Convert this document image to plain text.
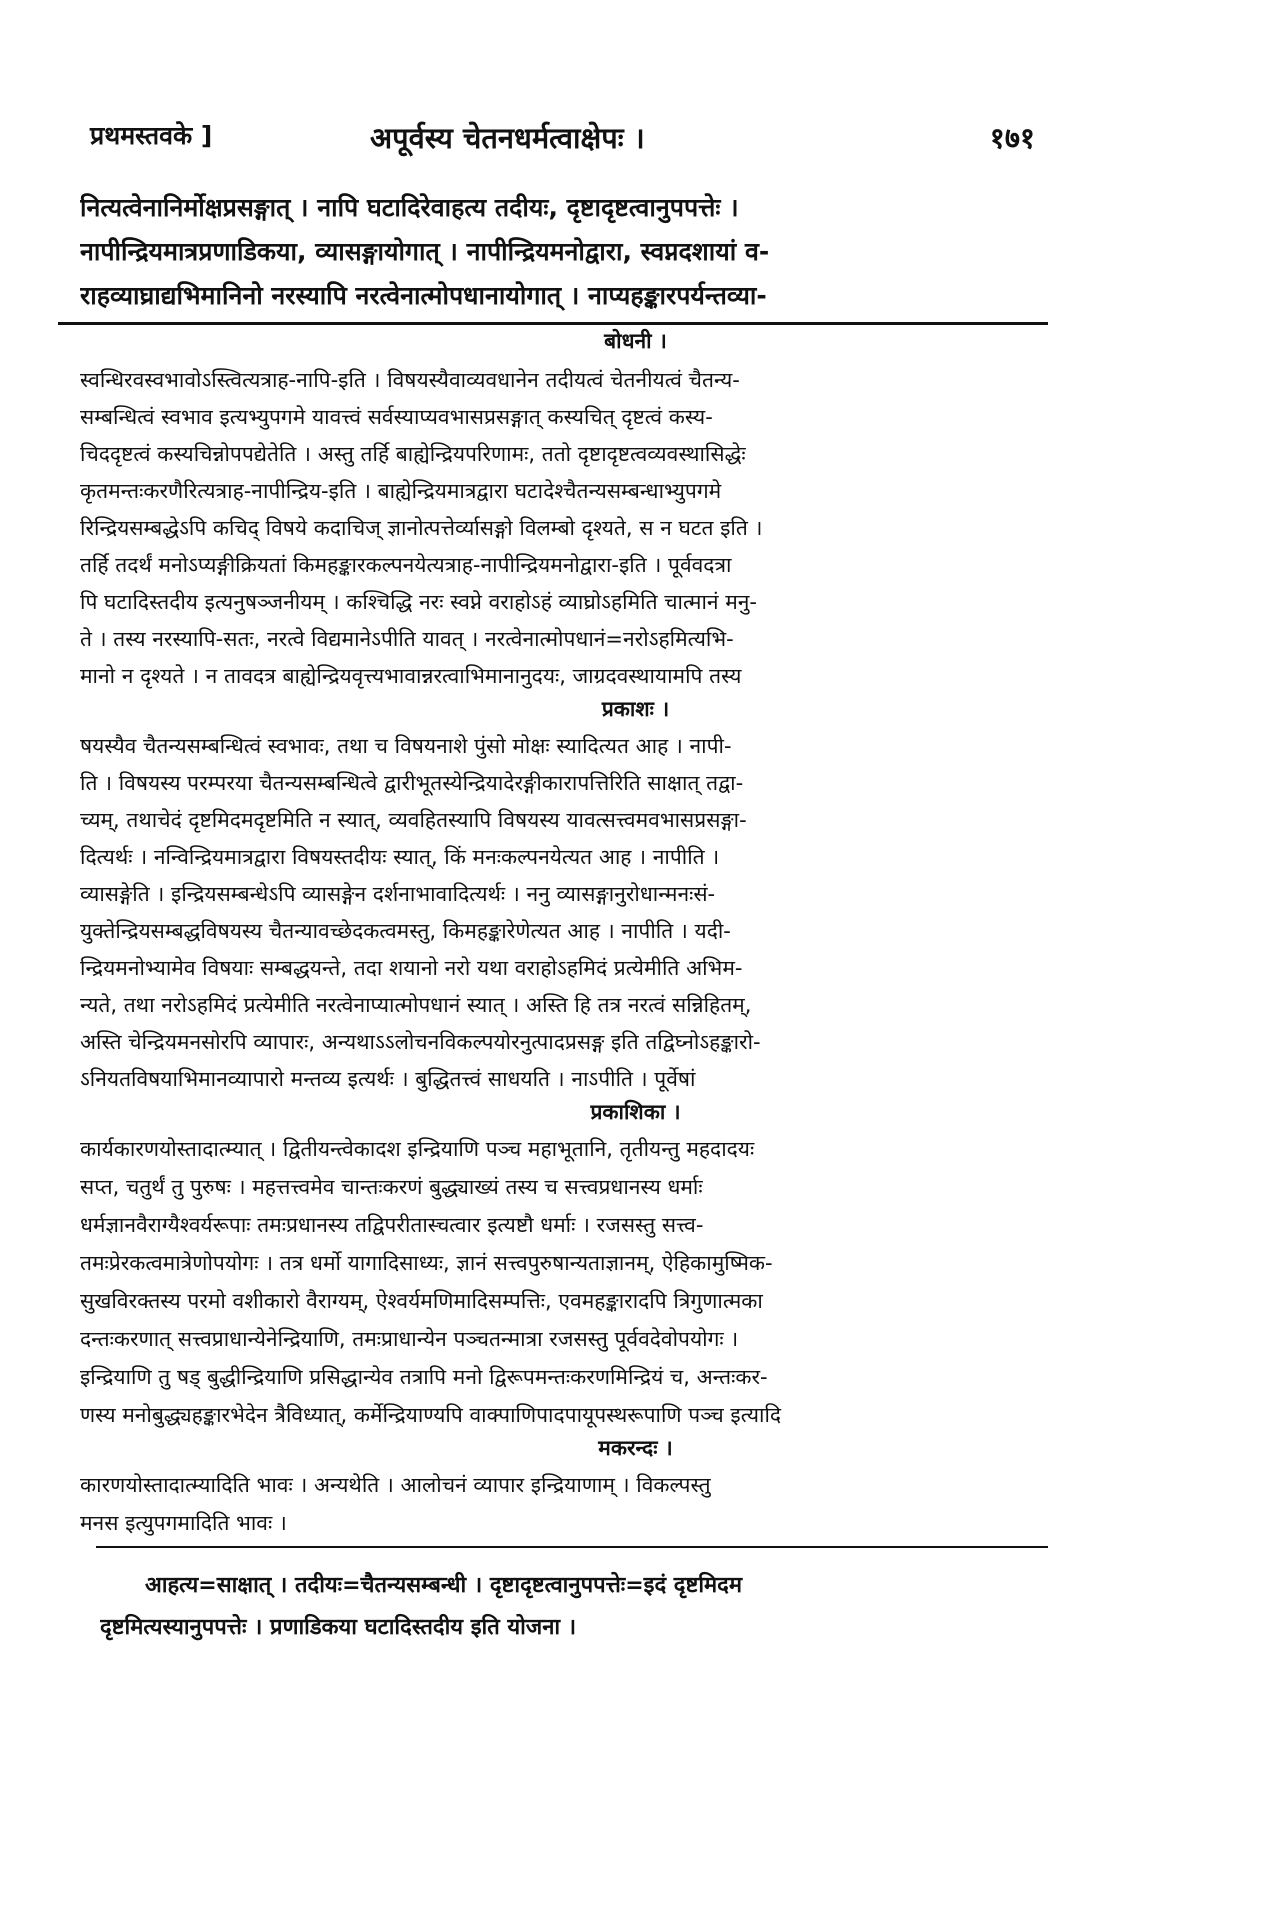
प्रथमस्तवके ]	अपूर्वस्य चेतनधर्मत्वाक्षेपः ।	१७१
नित्यत्वेनानिर्मोक्षप्रसङ्गात् । नापि घटादिरेवाहत्य तदीयः, दृष्टादृष्टत्वानुपपत्तेः ।
नापीन्द्रियमात्रप्रणाडिकया, व्यासङ्गायोगात् । नापीन्द्रियमनोद्वारा, स्वप्नदशायां व-
राहव्याघ्राद्यभिमानिनो नरस्यापि नरत्वेनात्मोपधानायोगात् । नाप्यहङ्कारपर्यन्तव्या-
बोधनी ।
स्वन्धिरवस्वभावोऽस्त्वित्यत्राह-नापि-इति । विषयस्यैवाव्यवधानेन तदीयत्वं चेतनीयत्वं चैतन्य-
सम्बन्धित्वं स्वभाव इत्यभ्युपगमे यावत्त्वं सर्वस्याप्यवभासप्रसङ्गात् कस्यचित् दृष्टत्वं कस्य-
चिददृष्टत्वं कस्यचिन्नोपपद्येतेति । अस्तु तर्हि बाह्येन्द्रियपरिणामः, ततो दृष्टादृष्टत्वव्यवस्थासिद्धेः
कृतमन्तःकरणैरित्यत्राह-नापीन्द्रिय-इति । बाह्येन्द्रियमात्रद्वारा घटादेश्चैतन्यसम्बन्धाभ्युपगमे
रिन्द्रियसम्बद्धेऽपि कचिद् विषये कदाचिज् ज्ञानोत्पत्तेर्व्यासङ्गो विलम्बो दृश्यते, स न घटत इति ।
तर्हि तदर्थं मनोऽप्यङ्गीक्रियतां किमहङ्कारकल्पनयेत्यत्राह-नापीन्द्रियमनोद्वारा-इति । पूर्ववदत्रा
पि घटादिस्तदीय इत्यनुषञ्जनीयम् । कश्चिद्धि नरः स्वप्ने वराहोऽहं व्याघ्रोऽहमिति चात्मानं मनु-
ते । तस्य नरस्यापि-सतः, नरत्वे विद्यमानेऽपीति यावत् । नरत्वेनात्मोपधानं=नरोऽहमित्यभि-
मानो न दृश्यते । न तावदत्र बाह्येन्द्रियवृत्त्यभावान्नरत्वाभिमानानुदयः, जाग्रदवस्थायामपि तस्य
प्रकाशः ।
षयस्यैव चैतन्यसम्बन्धित्वं स्वभावः, तथा च विषयनाशे पुंसो मोक्षः स्यादित्यत आह । नापी-
ति । विषयस्य परम्परया चैतन्यसम्बन्धित्वे द्वारीभूतस्येन्द्रियादेरङ्गीकारापत्तिरिति साक्षात् तद्वा-
च्यम्, तथाचेदं दृष्टमिदमदृष्टमिति न स्यात्, व्यवहितस्यापि विषयस्य यावत्सत्त्वमवभासप्रसङ्गा-
दित्यर्थः । नन्विन्द्रियमात्रद्वारा विषयस्तदीयः स्यात्, किं मनःकल्पनयेत्यत आह । नापीति ।
व्यासङ्गेति । इन्द्रियसम्बन्धेऽपि व्यासङ्गेन दर्शनाभावादित्यर्थः । ननु व्यासङ्गानुरोधान्मनःसं-
युक्तेन्द्रियसम्बद्धविषयस्य चैतन्यावच्छेदकत्वमस्तु, किमहङ्कारेणेत्यत आह । नापीति । यदी-
न्द्रियमनोभ्यामेव विषयाः सम्बद्धयन्ते, तदा शयानो नरो यथा वराहोऽहमिदं प्रत्येमीति अभिम-
न्यते, तथा नरोऽहमिदं प्रत्येमीति नरत्वेनाप्यात्मोपधानं स्यात् । अस्ति हि तत्र नरत्वं सन्निहितम्,
अस्ति चेन्द्रियमनसोरपि व्यापारः, अन्यथाऽऽलोचनविकल्पयोरनुत्पादप्रसङ्ग इति तद्विघ्नोऽहङ्कारो-
ऽनियतविषयाभिमानव्यापारो मन्तव्य इत्यर्थः । बुद्धितत्त्वं साधयति । नाऽपीति । पूर्वेषां
प्रकाशिका ।
कार्यकारणयोस्तादात्म्यात् । द्वितीयन्त्वेकादश इन्द्रियाणि पञ्च महाभूतानि, तृतीयन्तु महदादयः
सप्त, चतुर्थं तु पुरुषः । महत्तत्त्वमेव चान्तःकरणं बुद्ध्याख्यं तस्य च सत्त्वप्रधानस्य धर्माः
धर्मज्ञानवैराग्यैश्वर्यरूपाः तमःप्रधानस्य तद्विपरीतास्चत्वार इत्यष्टौ धर्माः । रजसस्तु सत्त्व-
तमःप्रेरकत्वमात्रेणोपयोगः । तत्र धर्मो यागादिसाध्यः, ज्ञानं सत्त्वपुरुषान्यताज्ञानम्, ऐहिकामुष्मिक-
सुखविरक्तस्य परमो वशीकारो वैराग्यम्, ऐश्वर्यमणिमादिसम्पत्तिः, एवमहङ्कारादपि त्रिगुणात्मका
दन्तःकरणात् सत्त्वप्राधान्येनेन्द्रियाणि, तमःप्राधान्येन पञ्चतन्मात्रा रजसस्तु पूर्ववदेवोपयोगः ।
इन्द्रियाणि तु षड् बुद्धीन्द्रियाणि प्रसिद्धान्येव तत्रापि मनो द्विरूपमन्तःकरणमिन्द्रियं च, अन्तःकर-
णस्य मनोबुद्ध्यहङ्कारभेदेन त्रैविध्यात्, कर्मेन्द्रियाण्यपि वाक्पाणिपादपायूपस्थरूपाणि पञ्च इत्यादि
मकरन्दः ।
कारणयोस्तादात्म्यादिति भावः । अन्यथेति । आलोचनं व्यापार इन्द्रियाणाम् । विकल्पस्तु
मनस इत्युपगमादिति भावः ।
आहत्य=साक्षात् । तदीयः=चैतन्यसम्बन्धी । दृष्टादृष्टत्वानुपपत्तेः=इदं दृष्टमिदम
दृष्टमित्यस्यानुपपत्तेः । प्रणाडिकया घटादिस्तदीय इति योजना ।
